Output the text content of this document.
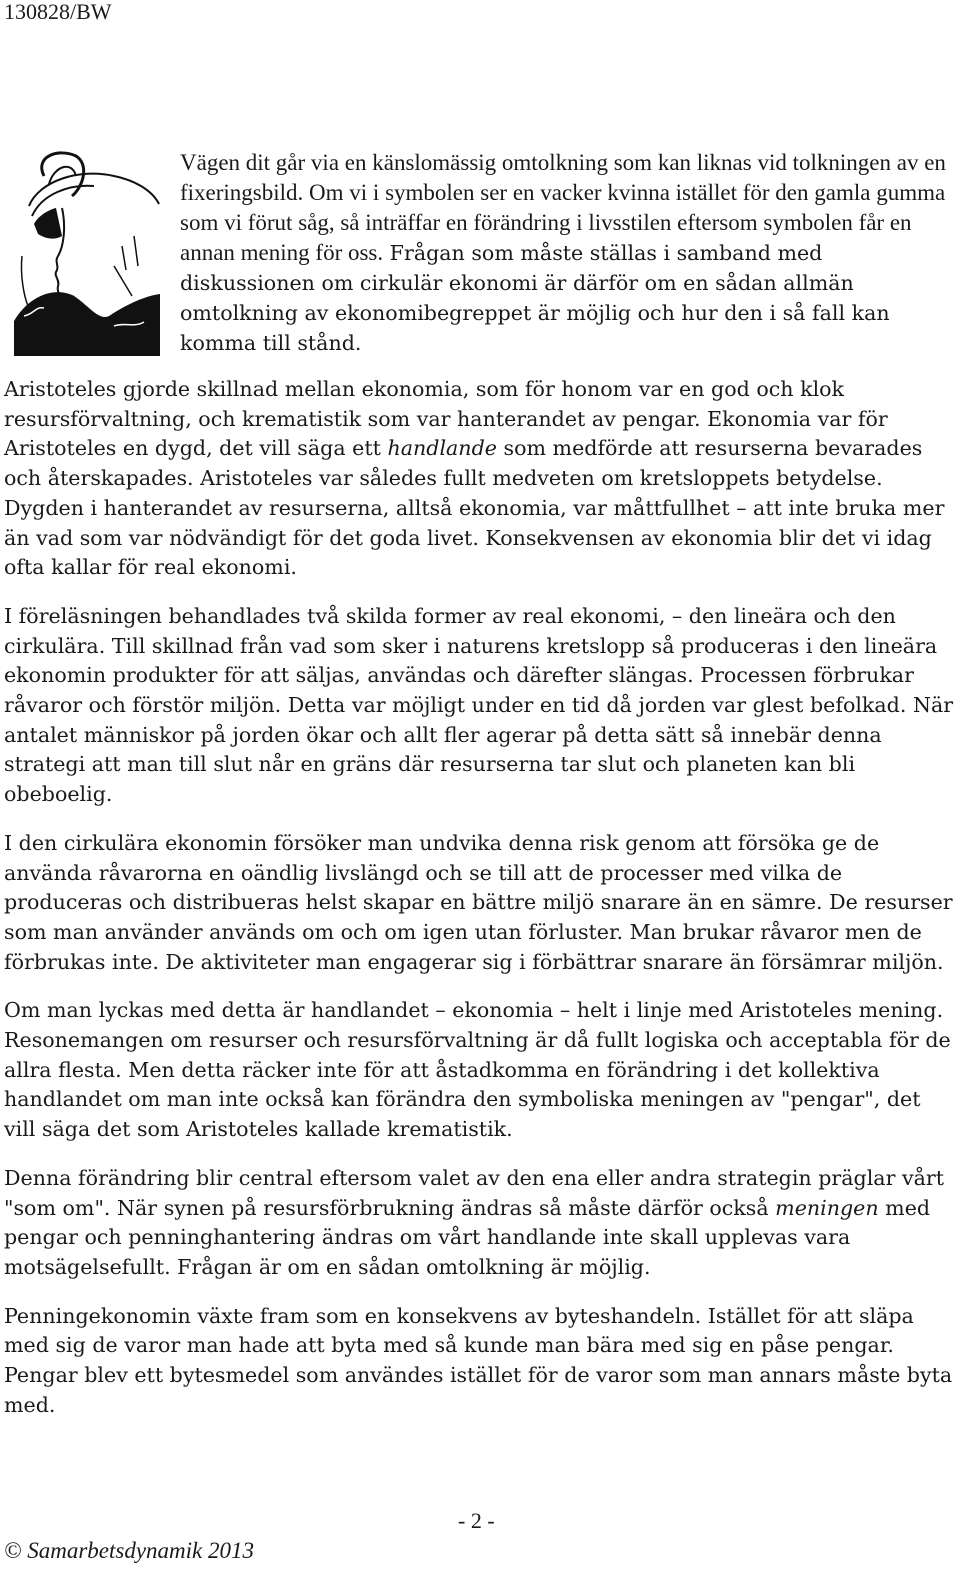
130828/BW

Vägen dit går via en känslomässig omtolkning som kan liknas vid tolkningen av en fixeringsbild. Om vi i symbolen ser en vacker kvinna istället för den gamla gumma som vi förut såg, så inträffar en förändring i livsstilen eftersom symbolen får en annan mening för oss. Frågan som måste ställas i samband med diskussionen om cirkulär ekonomi är därför om en sådan allmän omtolkning av ekonomibegreppet är möjlig och hur den i så fall kan komma till stånd.

Aristoteles gjorde skillnad mellan ekonomia, som för honom var en god och klok resursförvaltning, och krematistik som var hanterandet av pengar. Ekonomia var för Aristoteles en dygd, det vill säga ett handlande som medförde att resurserna bevarades och återskapades. Aristoteles var således fullt medveten om kretsloppets betydelse. Dygden i hanterandet av resurserna, alltså ekonomia, var måttfullhet – att inte bruka mer än vad som var nödvändigt för det goda livet. Konsekvensen av ekonomia blir det vi idag ofta kallar för real ekonomi.

I föreläsningen behandlades två skilda former av real ekonomi, – den lineära och den cirkulära. Till skillnad från vad som sker i naturens kretslopp så produceras i den lineära ekonomin produkter för att säljas, användas och därefter slängas. Processen förbrukar råvaror och förstör miljön. Detta var möjligt under en tid då jorden var glest befolkad. När antalet människor på jorden ökar och allt fler agerar på detta sätt så innebär denna strategi att man till slut når en gräns där resurserna tar slut och planeten kan bli obeboelig.

I den cirkulära ekonomin försöker man undvika denna risk genom att försöka ge de använda råvarorna en oändlig livslängd och se till att de processer med vilka de produceras och distribueras helst skapar en bättre miljö snarare än en sämre. De resurser som man använder används om och om igen utan förluster. Man brukar råvaror men de förbrukas inte. De aktiviteter man engagerar sig i förbättrar snarare än försämrar miljön.

Om man lyckas med detta är handlandet – ekonomia – helt i linje med Aristoteles mening. Resonemangen om resurser och resursförvaltning är då fullt logiska och acceptabla för de allra flesta. Men detta räcker inte för att åstadkomma en förändring i det kollektiva handlandet om man inte också kan förändra den symboliska meningen av "pengar", det vill säga det som Aristoteles kallade krematistik.

Denna förändring blir central eftersom valet av den ena eller andra strategin präglar vårt "som om". När synen på resursförbrukning ändras så måste därför också meningen med pengar och penninghantering ändras om vårt handlande inte skall upplevas vara motsägelsefullt. Frågan är om en sådan omtolkning är möjlig.

Penningekonomin växte fram som en konsekvens av byteshandeln. Istället för att släpa med sig de varor man hade att byta med så kunde man bära med sig en påse pengar. Pengar blev ett bytesmedel som användes istället för de varor som man annars måste byta med.

- 2 -
© Samarbetsdynamik 2013
